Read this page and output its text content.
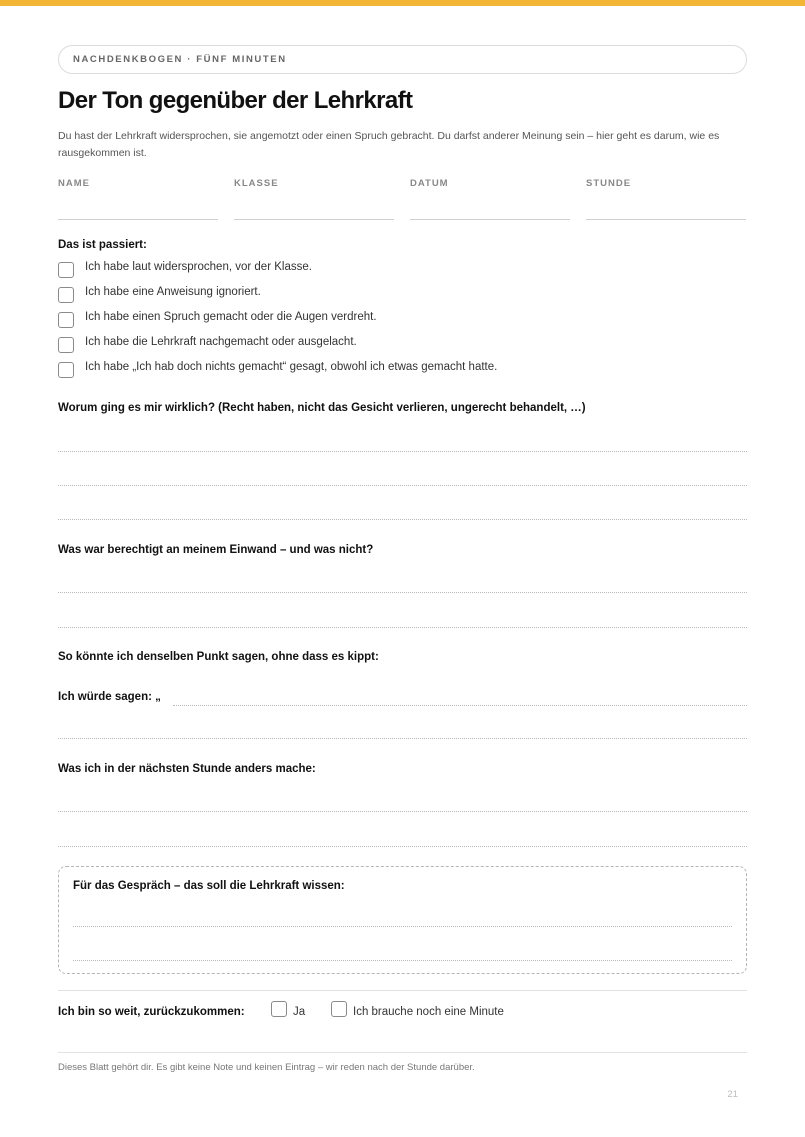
NACHDENKBOGEN · FÜNF MINUTEN
Der Ton gegenüber der Lehrkraft

Du hast der Lehrkraft widersprochen, sie angemotzt oder einen Spruch gebracht. Du darfst anderer Meinung sein – hier geht es darum, wie es rausgekommen ist.

NAME	KLASSE	DATUM	STUNDE
Das ist passiert:
Ich habe laut widersprochen, vor der Klasse.
Ich habe eine Anweisung ignoriert.
Ich habe einen Spruch gemacht oder die Augen verdreht.
Ich habe die Lehrkraft nachgemacht oder ausgelacht.
Ich habe „Ich hab doch nichts gemacht“ gesagt, obwohl ich etwas gemacht hatte.
Worum ging es mir wirklich? (Recht haben, nicht das Gesicht verlieren, ungerecht behandelt, …)
Was war berechtigt an meinem Einwand – und was nicht?
So könnte ich denselben Punkt sagen, ohne dass es kippt:
Ich würde sagen: „
Was ich in der nächsten Stunde anders mache:
Für das Gespräch – das soll die Lehrkraft wissen:
Ich bin so weit, zurückzukommen:	Ja	Ich brauche noch eine Minute
Dieses Blatt gehört dir. Es gibt keine Note und keinen Eintrag – wir reden nach der Stunde darüber.
21
